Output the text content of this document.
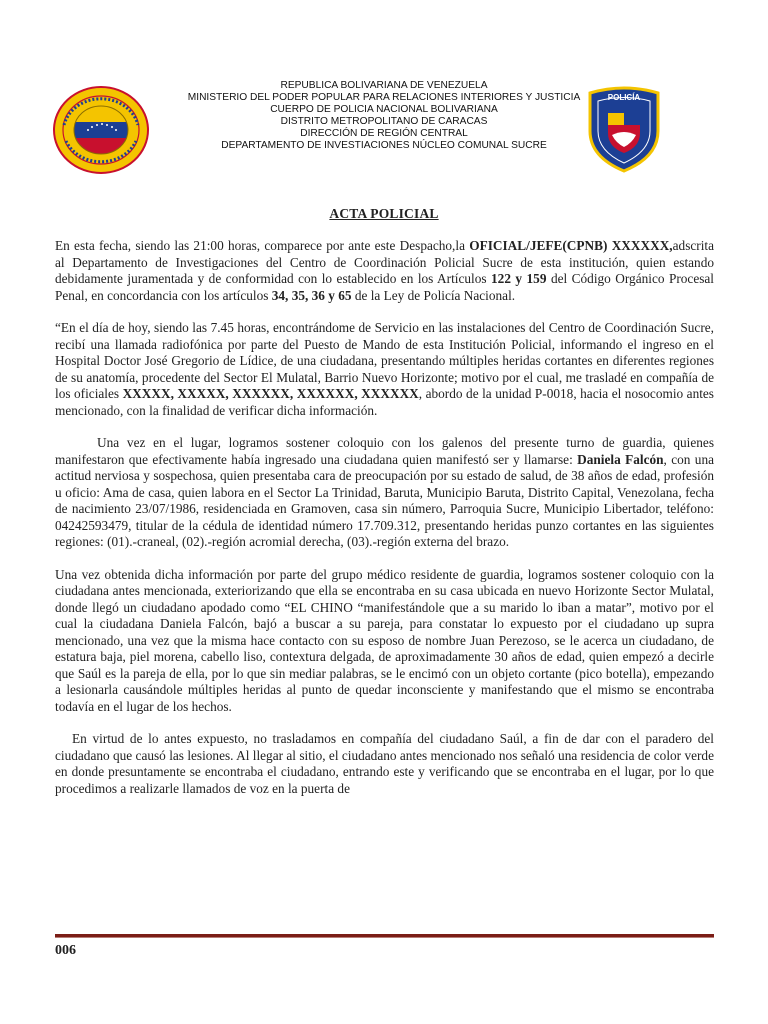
REPUBLICA BOLIVARIANA DE VENEZUELA
MINISTERIO DEL PODER POPULAR PARA RELACIONES INTERIORES Y JUSTICIA
CUERPO DE POLICIA NACIONAL BOLIVARIANA
DISTRITO METROPOLITANO DE CARACAS
DIRECCIÓN DE REGIÓN CENTRAL
DEPARTAMENTO DE INVESTIACIONES NÚCLEO COMUNAL SUCRE
POLICÍA
ACTA POLICIAL

En esta fecha, siendo las 21:00 horas, comparece por ante este Despacho,la OFICIAL/JEFE(CPNB) XXXXXX,adscrita al Departamento de Investigaciones del Centro de Coordinación Policial Sucre de esta institución, quien estando debidamente juramentada y de conformidad con lo establecido en los Artículos 122 y 159 del Código Orgánico Procesal Penal, en concordancia con los artículos 34, 35, 36 y 65 de la Ley de Policía Nacional.

“En el día de hoy, siendo las 7.45 horas, encontrándome de Servicio en las instalaciones del Centro de Coordinación Sucre, recibí una llamada radiofónica por parte del Puesto de Mando de esta Institución Policial, informando el ingreso en el Hospital Doctor José Gregorio de Lídice, de una ciudadana, presentando múltiples heridas cortantes en diferentes regiones de su anatomía, procedente del Sector El Mulatal, Barrio Nuevo Horizonte; motivo por el cual, me trasladé en compañía de los oficiales XXXXX, XXXXX, XXXXXX, XXXXXX, XXXXXX, abordo de la unidad P-0018, hacia el nosocomio antes mencionado, con la finalidad de verificar dicha información.

Una vez en el lugar, logramos sostener coloquio con los galenos del presente turno de guardia, quienes manifestaron que efectivamente había ingresado una ciudadana quien manifestó ser y llamarse: Daniela Falcón, con una actitud nerviosa y sospechosa, quien presentaba cara de preocupación por su estado de salud, de 38 años de edad, profesión u oficio: Ama de casa, quien labora en el Sector La Trinidad, Baruta, Municipio Baruta, Distrito Capital, Venezolana, fecha de nacimiento 23/07/1986, residenciada en Gramoven, casa sin número, Parroquia Sucre, Municipio Libertador, teléfono: 04242593479, titular de la cédula de identidad número 17.709.312, presentando heridas punzo cortantes en las siguientes regiones: (01).-craneal, (02).-región acromial derecha, (03).-región externa del brazo.

Una vez obtenida dicha información por parte del grupo médico residente de guardia, logramos sostener coloquio con la ciudadana antes mencionada, exteriorizando que ella se encontraba en su casa ubicada en nuevo Horizonte Sector Mulatal, donde llegó un ciudadano apodado como “EL CHINO “manifestándole que a su marido lo iban a matar”, motivo por el cual la ciudadana Daniela Falcón, bajó a buscar a su pareja, para constatar lo expuesto por el ciudadano up supra mencionado, una vez que la misma hace contacto con su esposo de nombre Juan Perezoso, se le acerca un ciudadano, de estatura baja, piel morena, cabello liso, contextura delgada, de aproximadamente 30 años de edad, quien empezó a decirle que Saúl es la pareja de ella, por lo que sin mediar palabras, se le encimó con un objeto cortante (pico botella), empezando a lesionarla causándole múltiples heridas al punto de quedar inconsciente y manifestando que el mismo se encontraba todavía en el lugar de los hechos.

En virtud de lo antes expuesto, no trasladamos en compañía del ciudadano Saúl, a fin de dar con el paradero del ciudadano que causó las lesiones. Al llegar al sitio, el ciudadano antes mencionado nos señaló una residencia de color verde en donde presuntamente se encontraba el ciudadano, entrando este y verificando que se encontraba en el lugar, por lo que procedimos a realizarle llamados de voz en la puerta de

006
